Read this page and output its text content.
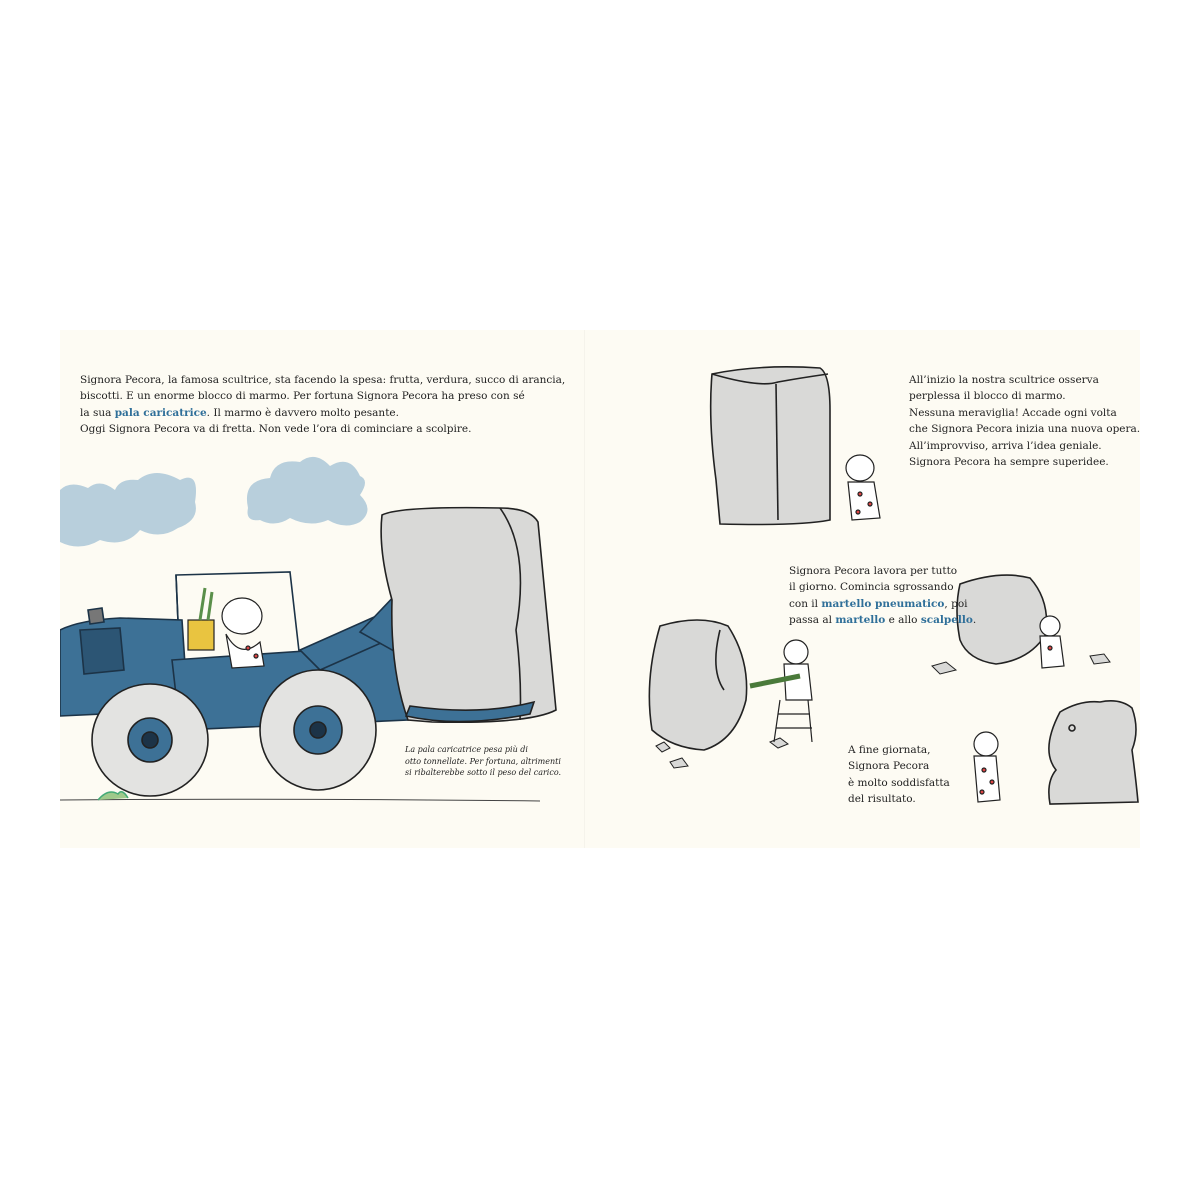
Signora Pecora, la famosa scultrice, sta facendo la spesa: frutta, verdura, succo di arancia,
biscotti. E un enorme blocco di marmo. Per fortuna Signora Pecora ha preso con sé
la sua pala caricatrice. Il marmo è davvero molto pesante.
Oggi Signora Pecora va di fretta. Non vede l’ora di cominciare a scolpire.
La pala caricatrice pesa più di
otto tonnellate. Per fortuna, altrimenti
si ribalterebbe sotto il peso del carico.
All’inizio la nostra scultrice osserva
perplessa il blocco di marmo.
Nessuna meraviglia! Accade ogni volta
che Signora Pecora inizia una nuova opera.
All’improvviso, arriva l’idea geniale.
Signora Pecora ha sempre superidee.
Signora Pecora lavora per tutto
il giorno. Comincia sgrossando
con il martello pneumatico, poi
passa al martello e allo scalpello.
A fine giornata,
Signora Pecora
è molto soddisfatta
del risultato.
